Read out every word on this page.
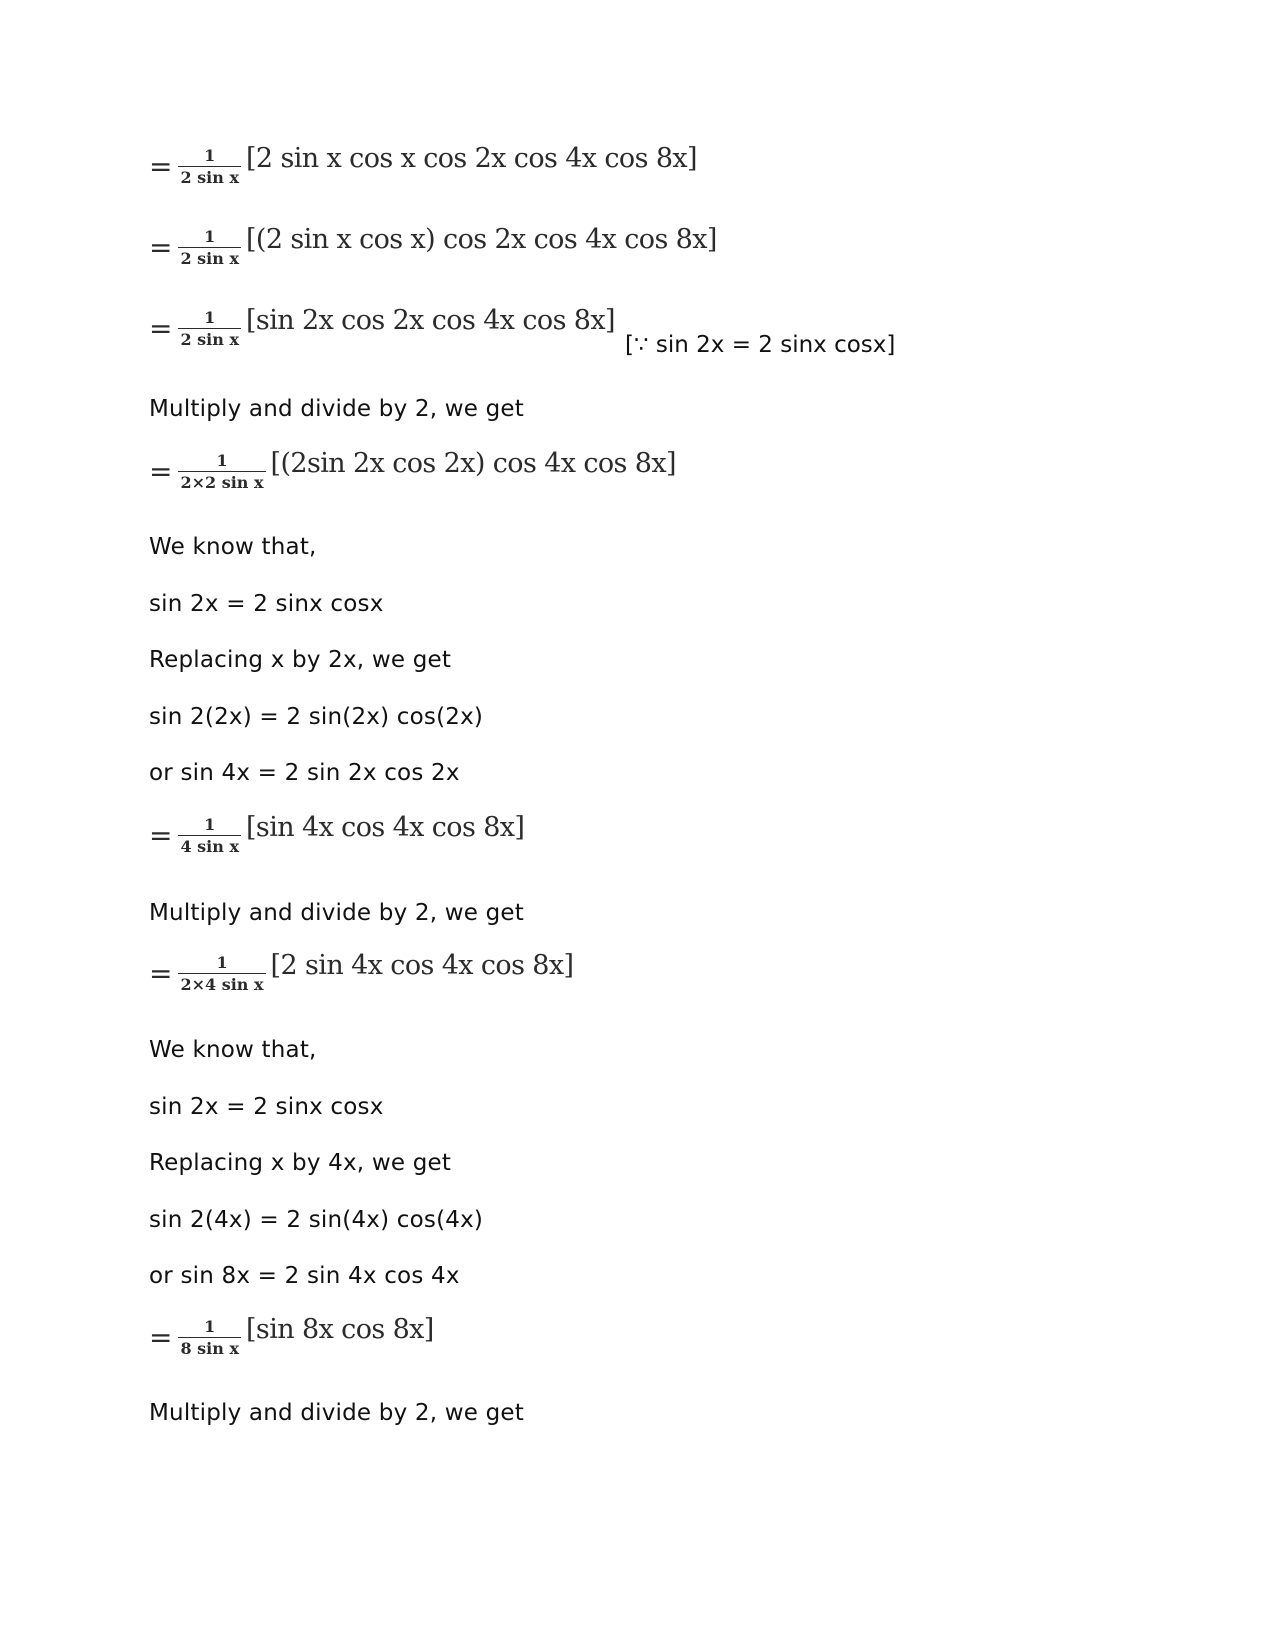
= $\frac{1}{\text{2 sin x}} [2$ sin x cos x cos 2x cos 4x cos 8x]
= $\frac{1}{\text{2 sin x}} [(2$ sin x cos x) cos 2x cos 4x cos 8x]
= $\frac{1}{\text{2 sin x}} [\sin$ 2x cos 2x cos 4x cos 8x]
[∵ sin 2x = 2 sinx cosx]
Multiply and divide by 2, we get
= $\frac{1}{\text{2×2 sin x}} [(2\sin$ 2x cos 2x) cos 4x cos 8x]
We know that,
sin 2x = 2 sinx cosx
Replacing x by 2x, we get
sin 2(2x) = 2 sin(2x) cos(2x)
or sin 4x = 2 sin 2x cos 2x
= $\frac{1}{\text{4 sin x}} [\sin$ 4x cos 4x cos 8x]
Multiply and divide by 2, we get
= $\frac{1}{\text{2×4 sin x}} [2$ sin 4x cos 4x cos 8x]
We know that,
sin 2x = 2 sinx cosx
Replacing x by 4x, we get
sin 2(4x) = 2 sin(4x) cos(4x)
or sin 8x = 2 sin 4x cos 4x
= $\frac{1}{\text{8 sin x}} [\sin$ 8x cos 8x]
Multiply and divide by 2, we get
